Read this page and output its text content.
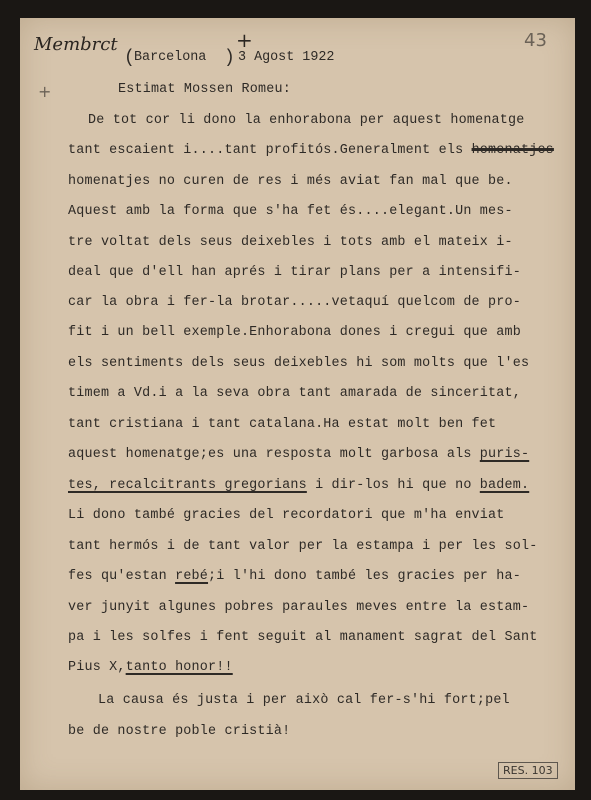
Membrct
+
+	43
( Barcelona ) 3 Agost 1922
Estimat Mossen Romeu:
De tot cor li dono la enhorabona per aquest homenatge
tant escaient i....tant profitós.Generalment els homenatjes
homenatjes no curen de res i més aviat fan mal que be.
Aquest amb la forma que s'ha fet és....elegant.Un mes-
tre voltat dels seus deixebles i tots amb el mateix i-
deal que d'ell han aprés i tirar plans per a intensifi-
car la obra i fer-la brotar.....vetaquí quelcom de pro-
fit i un bell exemple.Enhorabona dones i cregui que amb
els sentiments dels seus deixebles hi som molts que l'es
timem a Vd.i a la seva obra tant amarada de sinceritat,
tant cristiana i tant catalana.Ha estat molt ben fet
aquest homenatge;es una resposta molt garbosa als puris-
tes, recalcitrants gregorians i dir-los hi que no badem.
Li dono també gracies del recordatori que m'ha enviat
tant hermós i de tant valor per la estampa i per les sol-
fes qu'estan rebé;i l'hi dono també les gracies per ha-
ver junyit algunes pobres paraules meves entre la estam-
pa i les solfes i fent seguit al manament sagrat del Sant
Pius X,tanto honor!!
La causa és justa i per això cal fer-s'hi fort;pel
be de nostre poble cristià!
RES. 103
